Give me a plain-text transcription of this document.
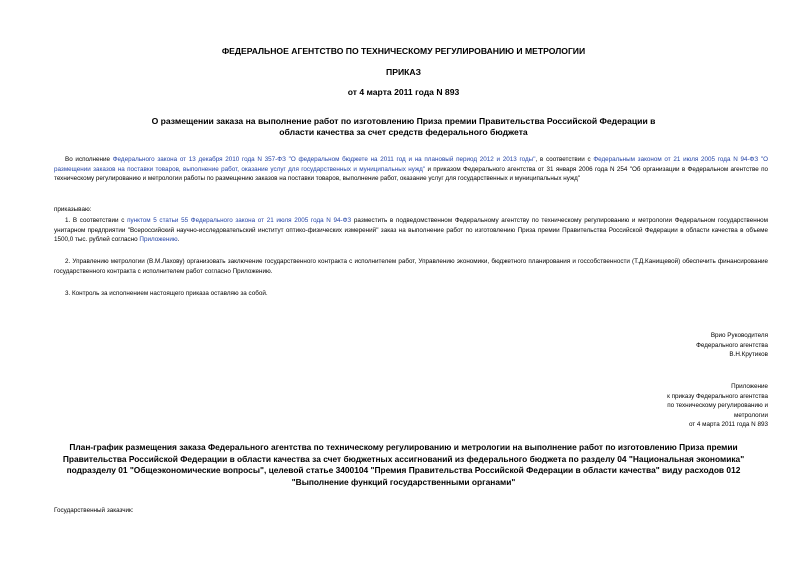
ФЕДЕРАЛЬНОЕ АГЕНТСТВО ПО ТЕХНИЧЕСКОМУ РЕГУЛИРОВАНИЮ И МЕТРОЛОГИИ
ПРИКАЗ
от 4 марта 2011 года N 893
О размещении заказа на выполнение работ по изготовлению Приза премии Правительства Российской Федерации в области качества за счет средств федерального бюджета
Во исполнение Федерального закона от 13 декабря 2010 года N 357-ФЗ "О федеральном бюджете на 2011 год и на плановый период 2012 и 2013 годы", в соответствии с Федеральным законом от 21 июля 2005 года N 94-ФЗ "О размещении заказов на поставки товаров, выполнение работ, оказание услуг для государственных и муниципальных нужд" и приказом Федерального агентства от 31 января 2006 года N 254 "Об организации в Федеральном агентстве по техническому регулированию и метрологии работы по размещению заказов на поставки товаров, выполнение работ, оказание услуг для государственных и муниципальных нужд"
приказываю:
1. В соответствии с пунктом 5 статьи 55 Федерального закона от 21 июля 2005 года N 94-ФЗ разместить в подведомственном Федеральному агентству по техническому регулированию и метрологии Федеральном государственном унитарном предприятии "Всероссийский научно-исследовательский институт оптико-физических измерений" заказ на выполнение работ по изготовлению Приза премии Правительства Российской Федерации в области качества в объеме 1500,0 тыс. рублей согласно Приложению.
2. Управлению метрологии (В.М.Лахову) организовать заключение государственного контракта с исполнителем работ, Управлению экономики, бюджетного планирования и госсобственности (Т.Д.Канищевой) обеспечить финансирование государственного контракта с исполнителем работ согласно Приложению.
3. Контроль за исполнением настоящего приказа оставляю за собой.
Врио Руководителя
Федерального агентства
В.Н.Крутиков
Приложение
к приказу Федерального агентства
по техническому регулированию и
метрологии
от 4 марта 2011 года N 893
План-график размещения заказа Федерального агентства по техническому регулированию и метрологии на выполнение работ по изготовлению Приза премии
Правительства Российской Федерации в области качества за счет бюджетных ассигнований из федерального бюджета по разделу 04 "Национальная экономика"
подразделу 01 "Общеэкономические вопросы", целевой статье 3400104 "Премия Правительства Российской Федерации в области качества" виду расходов 012
"Выполнение функций государственными органами"
Государственный заказчик:
